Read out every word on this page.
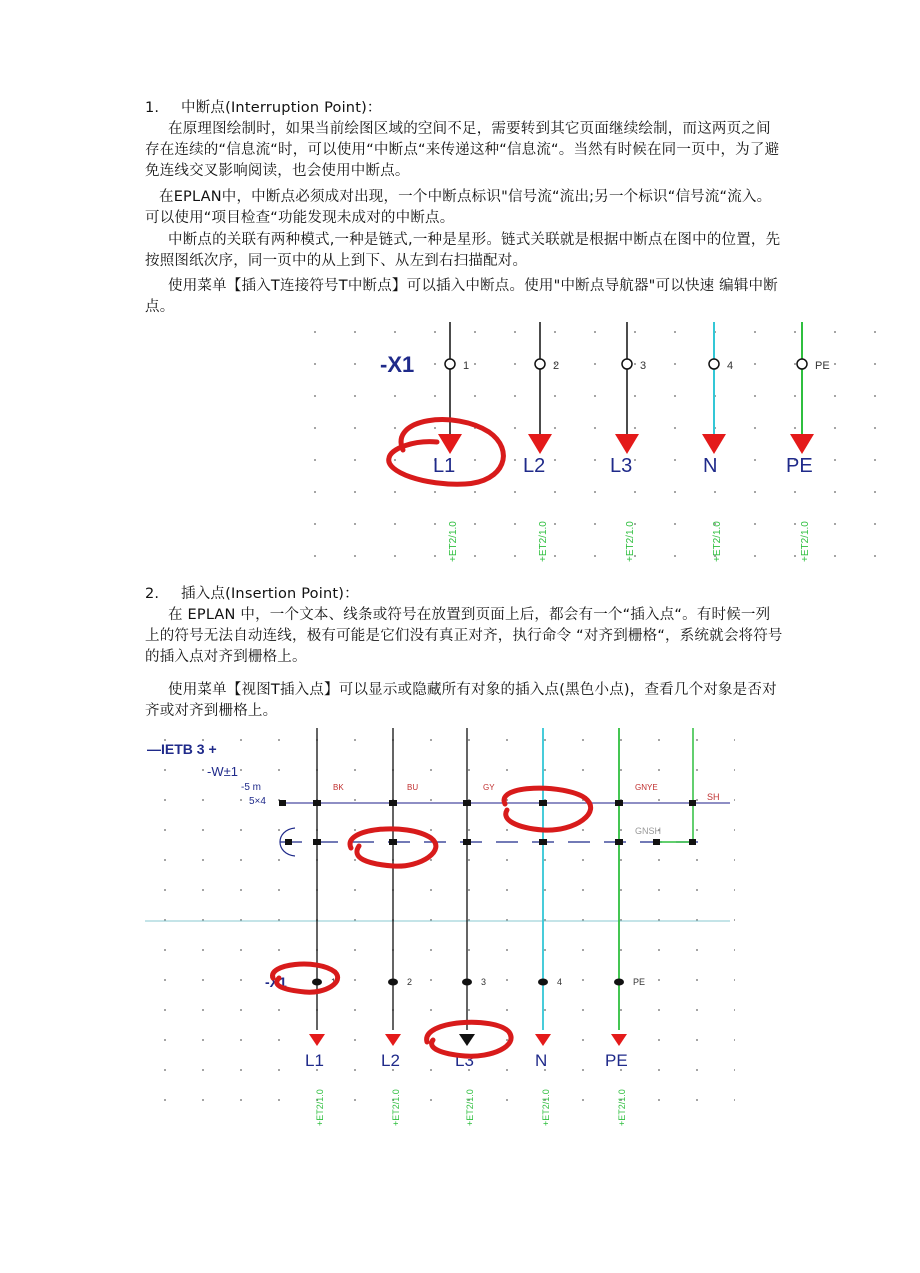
1. 中断点(Interruption Point)：

在原理图绘制时，如果当前绘图区域的空间不足，需要转到其它页面继续绘制，而这两页之间存在连续的“信息流“时，可以使用“中断点“来传递这种“信息流“。当然有时候在同一页中，为了避免连线交叉影响阅读，也会使用中断点。

在EPLAN中，中断点必须成对出现，一个中断点标识"信号流“流出;另一个标识“信号流“流入。可以使用“项目检查“功能发现未成对的中断点。

中断点的关联有两种模式,一种是链式,一种是星形。链式关联就是根据中断点在图中的位置，先按照图纸次序，同一页中的从上到下、从左到右扫描配对。

使用菜单【插入T连接符号T中断点】可以插入中断点。使用"中断点导航器"可以快速 编辑中断点。

-X1	1
L1
+ET2/1.0
2
L2
+ET2/1.0
3
L3
+ET2/1.0
4
N
+ET2/1.0
PE
PE
+ET2/1.0
2. 插入点(Insertion Point)：

在 EPLAN 中，一个文本、线条或符号在放置到页面上后，都会有一个“插入点“。有时候一列上的符号无法自动连线，极有可能是它们没有真正对齐，执行命令 “对齐到栅格“，系统就会将符号的插入点对齐到栅格上。

使用菜单【视图T插入点】可以显示或隐藏所有对象的插入点(黑色小点)，查看几个对象是否对齐或对齐到栅格上。

—IETB 3 +
-W±1
-5 m
5×4
BK	BU	GY	GNYE
SH
GNSH
1
L1
+ET2/1.0
2
L2
+ET2/1.0
3
L3
+ET2/1.0
4
N
+ET2/1.0
PE
PE
+ET2/1.0
-X1
